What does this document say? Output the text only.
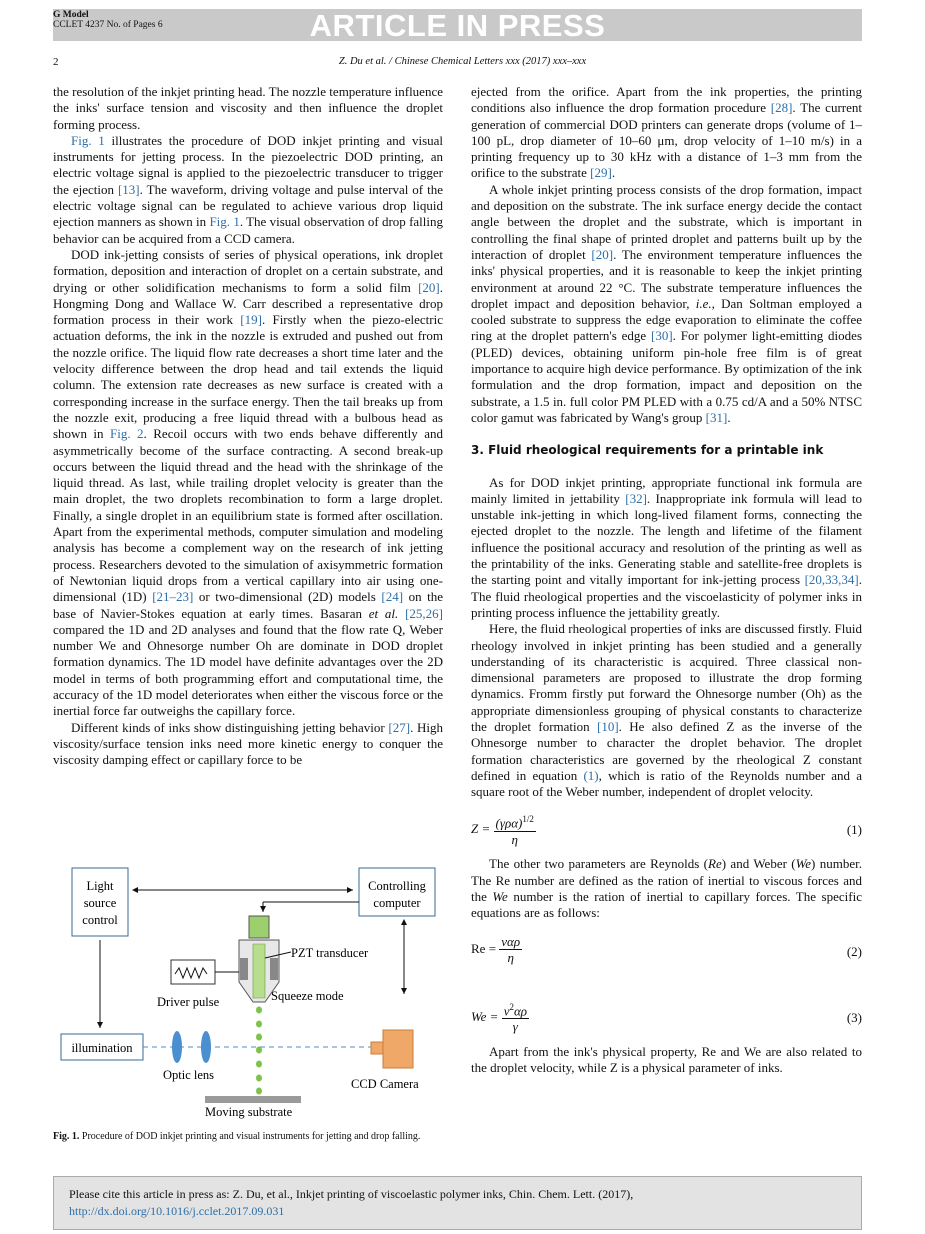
G Model
CCLET 4237 No. of Pages 6	ARTICLE IN PRESS
2	Z. Du et al. / Chinese Chemical Letters xxx (2017) xxx–xxx

the resolution of the inkjet printing head. The nozzle temperature influence the inks' surface tension and viscosity and then influence the droplet forming process.

Fig. 1 illustrates the procedure of DOD inkjet printing and visual instruments for jetting process. In the piezoelectric DOD printing, an electric voltage signal is applied to the piezoelectric transducer to trigger the ejection [13]. The waveform, driving voltage and pulse interval of the electric voltage signal can be regulated to achieve various drop liquid ejection manners as shown in Fig. 1. The visual observation of drop falling behavior can be acquired from a CCD camera.

DOD ink-jetting consists of series of physical operations, ink droplet formation, deposition and interaction of droplet on a certain substrate, and drying or other solidification mechanisms to form a solid film [20]. Hongming Dong and Wallace W. Carr described a representative drop formation process in their work [19]. Firstly when the piezo-electric actuation deforms, the ink in the nozzle is extruded and pushed out from the nozzle orifice. The liquid flow rate decreases a short time later and the velocity difference between the drop head and tail extends the liquid column. The extension rate decreases as new surface is created with a corresponding increase in the surface energy. Then the tail breaks up from the nozzle exit, producing a free liquid thread with a bulbous head as shown in Fig. 2. Recoil occurs with two ends behave differently and asymmetrically become of the surface contracting. A second break-up occurs between the liquid thread and the head with the shrinkage of the liquid thread. As last, while trailing droplet velocity is greater than the main droplet, the two droplets recombination to form a large droplet. Finally, a single droplet in an equilibrium state is formed after oscillation. Apart from the experimental methods, computer simulation and modeling analysis has become a complement way on the research of ink jetting process. Researchers devoted to the simulation of axisymmetric formation of Newtonian liquid drops from a vertical capillary into air using one-dimensional (1D) [21–23] or two-dimensional (2D) models [24] on the base of Navier-Stokes equation at early times. Basaran et al. [25,26] compared the 1D and 2D analyses and found that the flow rate Q, Weber number We and Ohnesorge number Oh are dominate in DOD droplet formation dynamics. The 1D model have definite advantages over the 2D model in terms of both programming effort and computational time, the accuracy of the 1D model deteriorates when either the viscous force or the inertial force far outweighs the capillary force.

Different kinds of inks show distinguishing jetting behavior [27]. High viscosity/surface tension inks need more kinetic energy to conquer the viscosity damping effect or capillary force to be

ejected from the orifice. Apart from the ink properties, the printing conditions also influence the drop formation procedure [28]. The current generation of commercial DOD printers can generate drops (volume of 1–100 pL, drop diameter of 10–60 μm, drop velocity of 1–10 m/s) in a printing frequency up to 30 kHz with a distance of 1–3 mm from the orifice to the substrate [29].

A whole inkjet printing process consists of the drop formation, impact and deposition on the substrate. The ink surface energy decide the contact angle between the droplet and the substrate, which is important in controlling the final shape of printed droplet and patterns built up by the interaction of droplet [20]. The environment temperature influences the inks' physical properties, and it is reasonable to keep the inkjet printing environment at around 22 °C. The substrate temperature influences the droplet impact and deposition behavior, i.e., Dan Soltman employed a cooled substrate to suppress the edge evaporation to eliminate the coffee ring at the droplet pattern's edge [30]. For polymer light-emitting diodes (PLED) devices, obtaining uniform pin-hole free film is of great importance to acquire high device performance. By optimization of the ink formulation and the drop formation, impact and deposition on the substrate, a 1.5 in. full color PM PLED with a 0.75 cd/A and a 50% NTSC color gamut was fabricated by Wang's group [31].

3. Fluid rheological requirements for a printable ink

As for DOD inkjet printing, appropriate functional ink formula are mainly limited in jettability [32]. Inappropriate ink formula will lead to unstable ink-jetting in which long-lived filament forms, connecting the ejected droplet to the nozzle. The length and lifetime of the filament influence the positional accuracy and resolution of the printing as well as the printability of the inks. Generating stable and satellite-free droplets is the starting point and vitally important for ink-jetting process [20,33,34]. The fluid rheological properties and the viscoelasticity of polymer inks in printing process influence the jettability greatly.

Here, the fluid rheological properties of inks are discussed firstly. Fluid rheology involved in inkjet printing has been studied and a generally understanding of its characteristic is acquired. Three classical non-dimensional parameters are proposed to illustrate the drop forming dynamics. Fromm firstly put forward the Ohnesorge number (Oh) as the appropriate dimensionless grouping of physical constants to characterize the droplet formation [10]. He also defined Z as the inverse of the Ohnesorge number to character the droplet behavior. The droplet formation characteristics are governed by the rheological Z constant defined in equation (1), which is ratio of the Reynolds number and a square root of the Weber number, independent of droplet velocity.

$Z = \frac{(\gamma\rho\alpha)^{1/2}}{\eta}$	(1)

The other two parameters are Reynolds (Re) and Weber (We) number. The Re number are defined as the ration of inertial to viscous forces and the We number is the ration of inertial to capillary forces. The specific equations are as follows:

$Re = \frac{\text{ναρ}}{\eta}$	(2)
$We = \frac{\nu^2\alpha\rho}{\gamma}$	(3)

Apart from the ink's physical property, Re and We are also related to the droplet velocity, while Z is a physical parameter of inks.

Light
source
control
Controlling
computer
PZT transducer
Squeeze mode
Driver pulse
illumination
Optic lens
CCD Camera
Moving substrate
Fig. 1. Procedure of DOD inkjet printing and visual instruments for jetting and drop falling.
Please cite this article in press as: Z. Du, et al., Inkjet printing of viscoelastic polymer inks, Chin. Chem. Lett. (2017), http://dx.doi.org/10.1016/j.cclet.2017.09.031
